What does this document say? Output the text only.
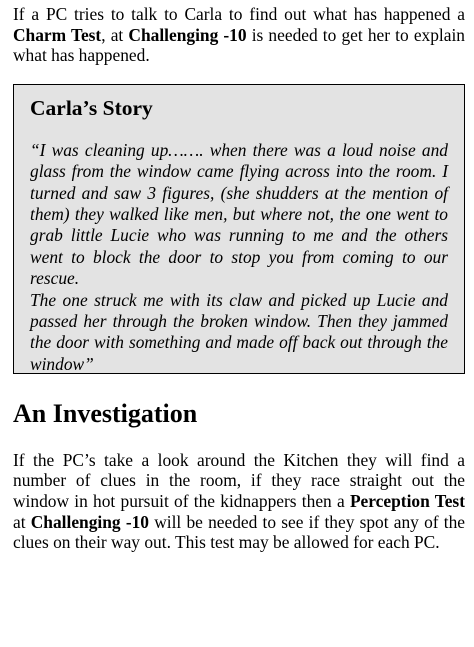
If a PC tries to talk to Carla to find out what has happened a Charm Test, at Challenging -10 is needed to get her to explain what has happened.

Carla’s Story

“I was cleaning up……. when there was a loud noise and glass from the window came flying across into the room. I turned and saw 3 figures, (she shudders at the mention of them) they walked like men, but where not, the one went to grab little Lucie who was running to me and the others went to block the door to stop you from coming to our rescue.

The one struck me with its claw and picked up Lucie and passed her through the broken window. Then they jammed the door with something and made off back out through the window”

An Investigation

If the PC’s take a look around the Kitchen they will find a number of clues in the room, if they race straight out the window in hot pursuit of the kidnappers then a Perception Test at Challenging -10 will be needed to see if they spot any of the clues on their way out. This test may be allowed for each PC.
